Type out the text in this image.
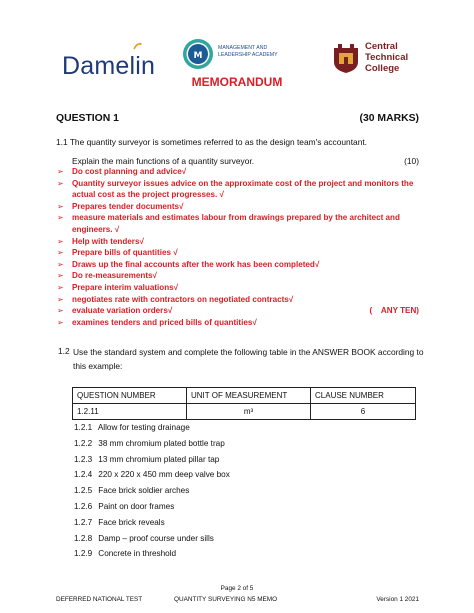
Damelin	M
MANAGEMENT AND
LEADERSHIP ACADEMY
Central
Technical
College
MEMORANDUM
QUESTION 1	(30 MARKS)
1.1 The quantity surveyor is sometimes referred to as the design team's accountant.
Explain the main functions of a quantity surveyor.	(10)
➢ Do cost planning and advice√
➢ Quantity surveyor issues advice on the approximate cost of the project and monitors the actual cost as the project progresses. √
➢ Prepares tender documents√
➢ measure materials and estimates labour from drawings prepared by the architect and engineers. √
➢ Help with tenders√
➢ Prepare bills of quantities √
➢ Draws up the final accounts after the work has been completed√
➢ Do re-measurements√
➢ Prepare interim valuations√
➢ negotiates rate with contractors on negotiated contracts√
➢ evaluate variation orders√
➢ examines tenders and priced bills of quantities√
(    ANY TEN)
1.2 Use the standard system and complete the following table in the ANSWER BOOK according to this example:
QUESTION NUMBER	UNIT OF MEASUREMENT	CLAUSE NUMBER
1.2.11	m³	6
1.2.1 Allow for testing drainage
1.2.2 38 mm chromium plated bottle trap
1.2.3 13 mm chromium plated pillar tap
1.2.4 220 x 220 x 450 mm deep valve box
1.2.5 Face brick soldier arches
1.2.6 Paint on door frames
1.2.7 Face brick reveals
1.2.8 Damp – proof course under sills
1.2.9 Concrete in threshold
Page 2 of 5
DEFERRED NATIONAL TEST	QUANTITY SURVEYING N5 MEMO	Version 1 2021
